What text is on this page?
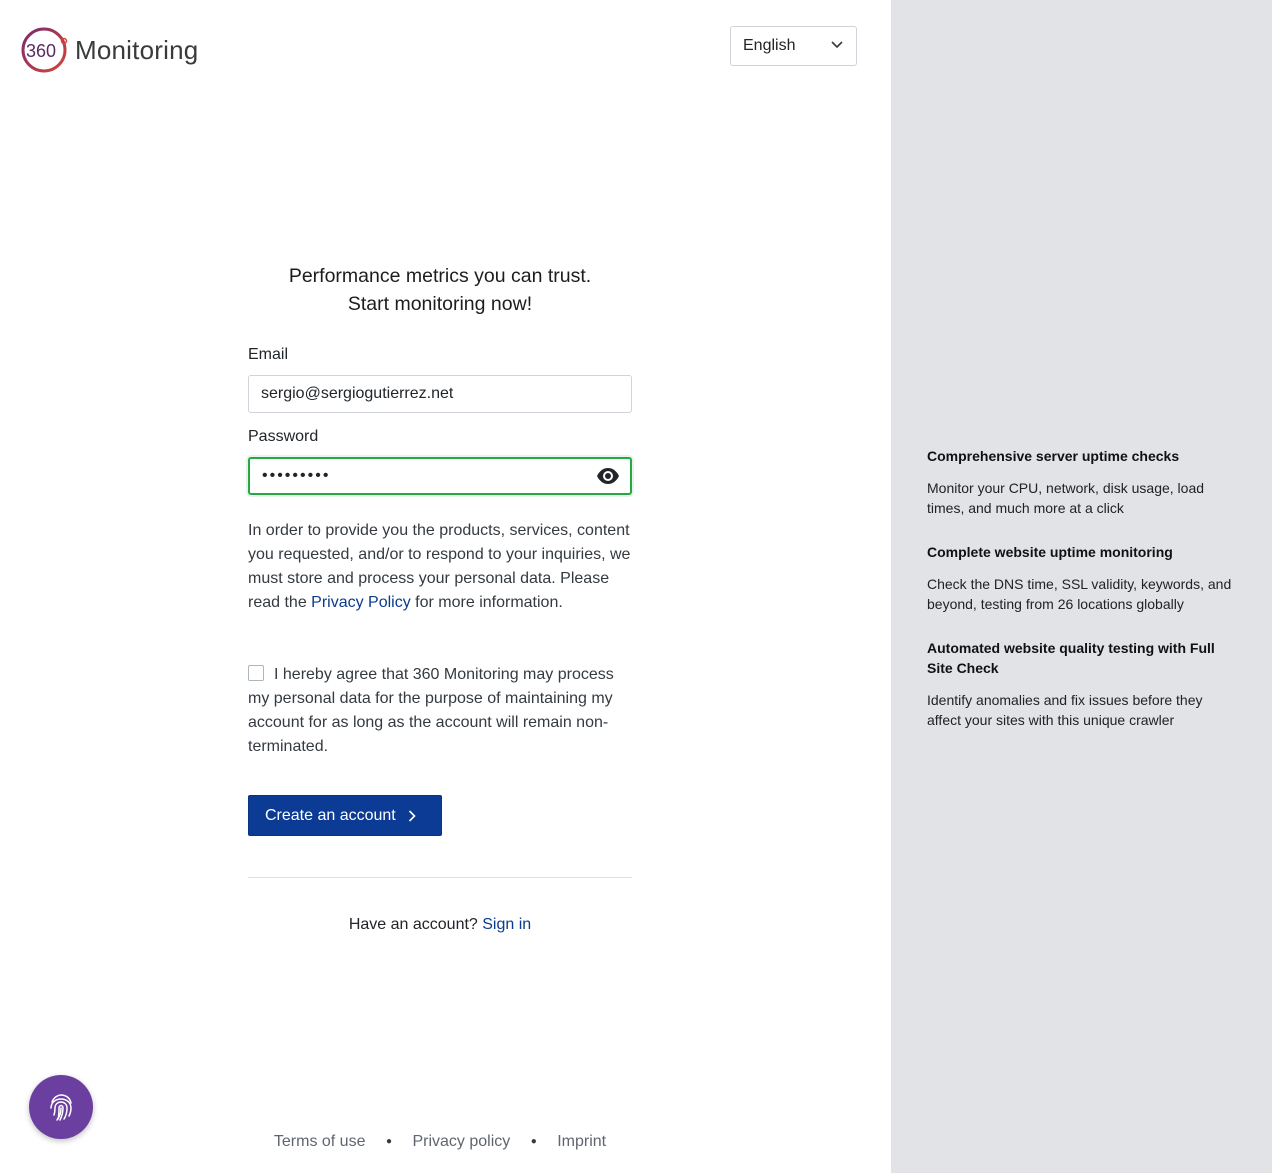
360 Monitoring	English

Performance metrics you can trust.
Start monitoring now!

Email
sergio@sergiogutierrez.net
Password
•••••••••

In order to provide you the products, services, content you requested, and/or to respond to your inquiries, we must store and process your personal data. Please read the Privacy Policy for more information.

I hereby agree that 360 Monitoring may process my personal data for the purpose of maintaining my account for as long as the account will remain non-terminated.
Create an account
Have an account? Sign in
Terms of use ● Privacy policy ● Imprint

Comprehensive server uptime checks

Monitor your CPU, network, disk usage, load times, and much more at a click

Complete website uptime monitoring

Check the DNS time, SSL validity, keywords, and beyond, testing from 26 locations globally

Automated website quality testing with Full Site Check

Identify anomalies and fix issues before they affect your sites with this unique crawler
